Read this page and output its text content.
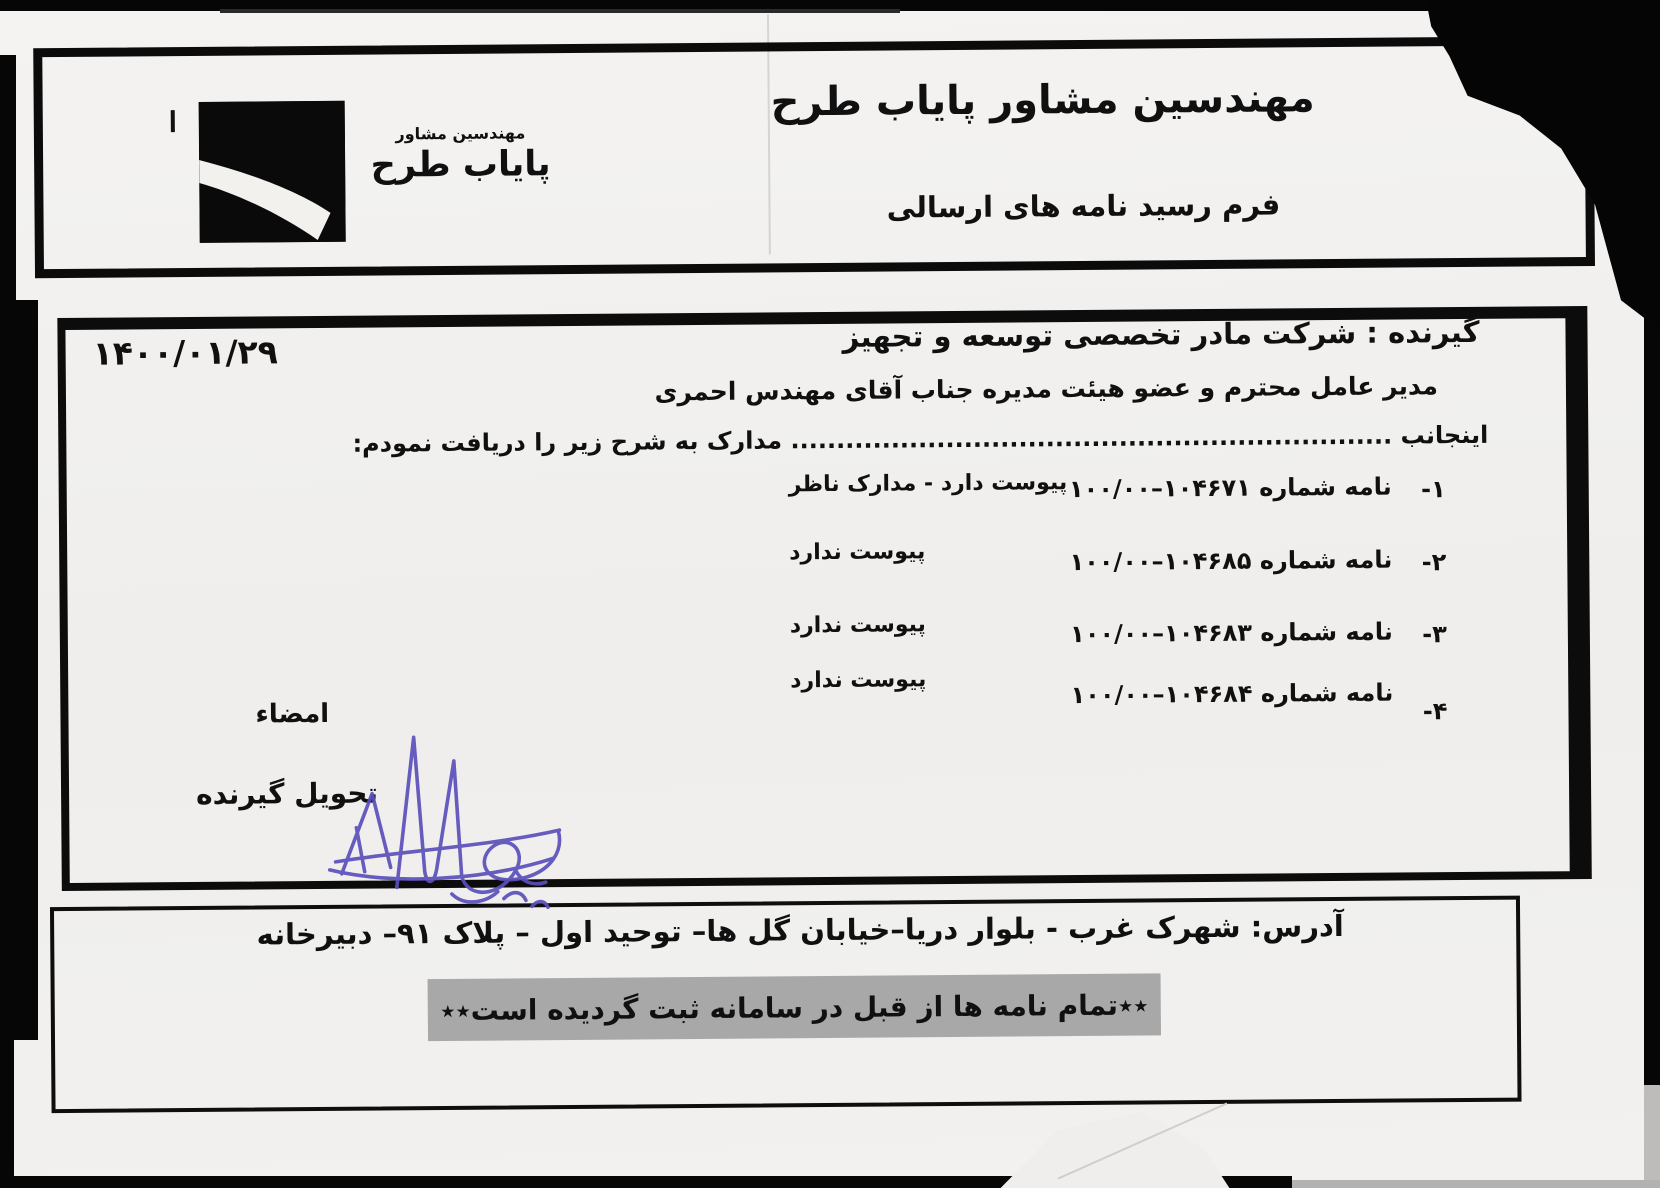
مهندسین مشاور
پایاب طرح
مهندسین مشاور پایاب طرح
فرم رسید نامه های ارسالی
۱۴۰۰/۰۱/۲۹	گیرنده : شرکت مادر تخصصی توسعه و تجهیز
مدیر عامل محترم و عضو هیئت مدیره جناب آقای مهندس احمری
اینجانب .................................................................. مدارک به شرح زیر را دریافت نمودم:
۱-
نامه شماره ۱۰۴۶۷۱–۱۰۰/۰۰
پیوست دارد - مدارک ناظر
۲-
نامه شماره ۱۰۴۶۸۵–۱۰۰/۰۰
پیوست ندارد
۳-
نامه شماره ۱۰۴۶۸۳–۱۰۰/۰۰
پیوست ندارد
۴-
نامه شماره ۱۰۴۶۸۴–۱۰۰/۰۰
پیوست ندارد
امضاء
تحویل گیرنده
آدرس: شهرک غرب - بلوار دریا–خیابان گل ها– توحید اول – پلاک ۹۱– دبیرخانه
٭٭تمام نامه ها از قبل در سامانه ثبت گردیده است٭٭
